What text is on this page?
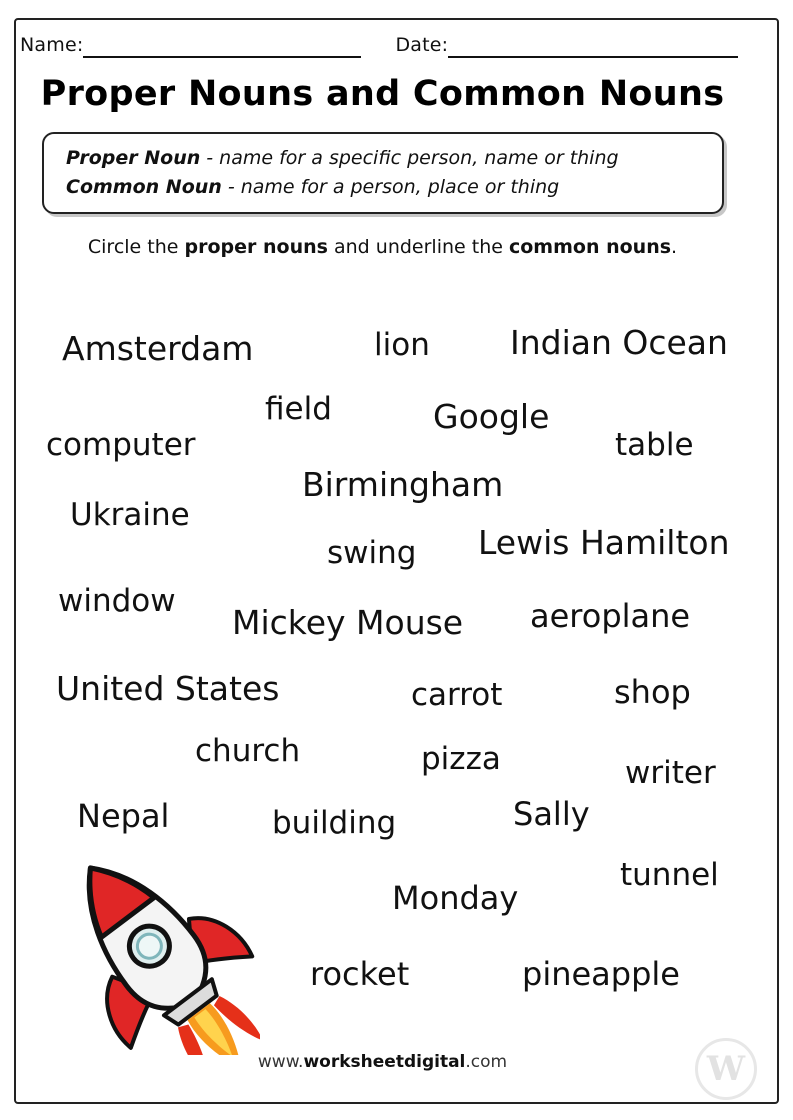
Name:	Date:
Proper Nouns and Common Nouns
Proper Noun - name for a specific person, name or thing
Common Noun - name for a person, place or thing
Circle the proper nouns and underline the common nouns.
Amsterdam	lion Indian Ocean
field	Google
computer	table
Birmingham
Ukraine
swing Lewis Hamilton
window
Mickey Mouse aeroplane
United States	carrot	shop
church	pizza	writer
Nepal	building	Sally
tunnel
Monday
rocket	pineapple
www.worksheetdigital.com	W
